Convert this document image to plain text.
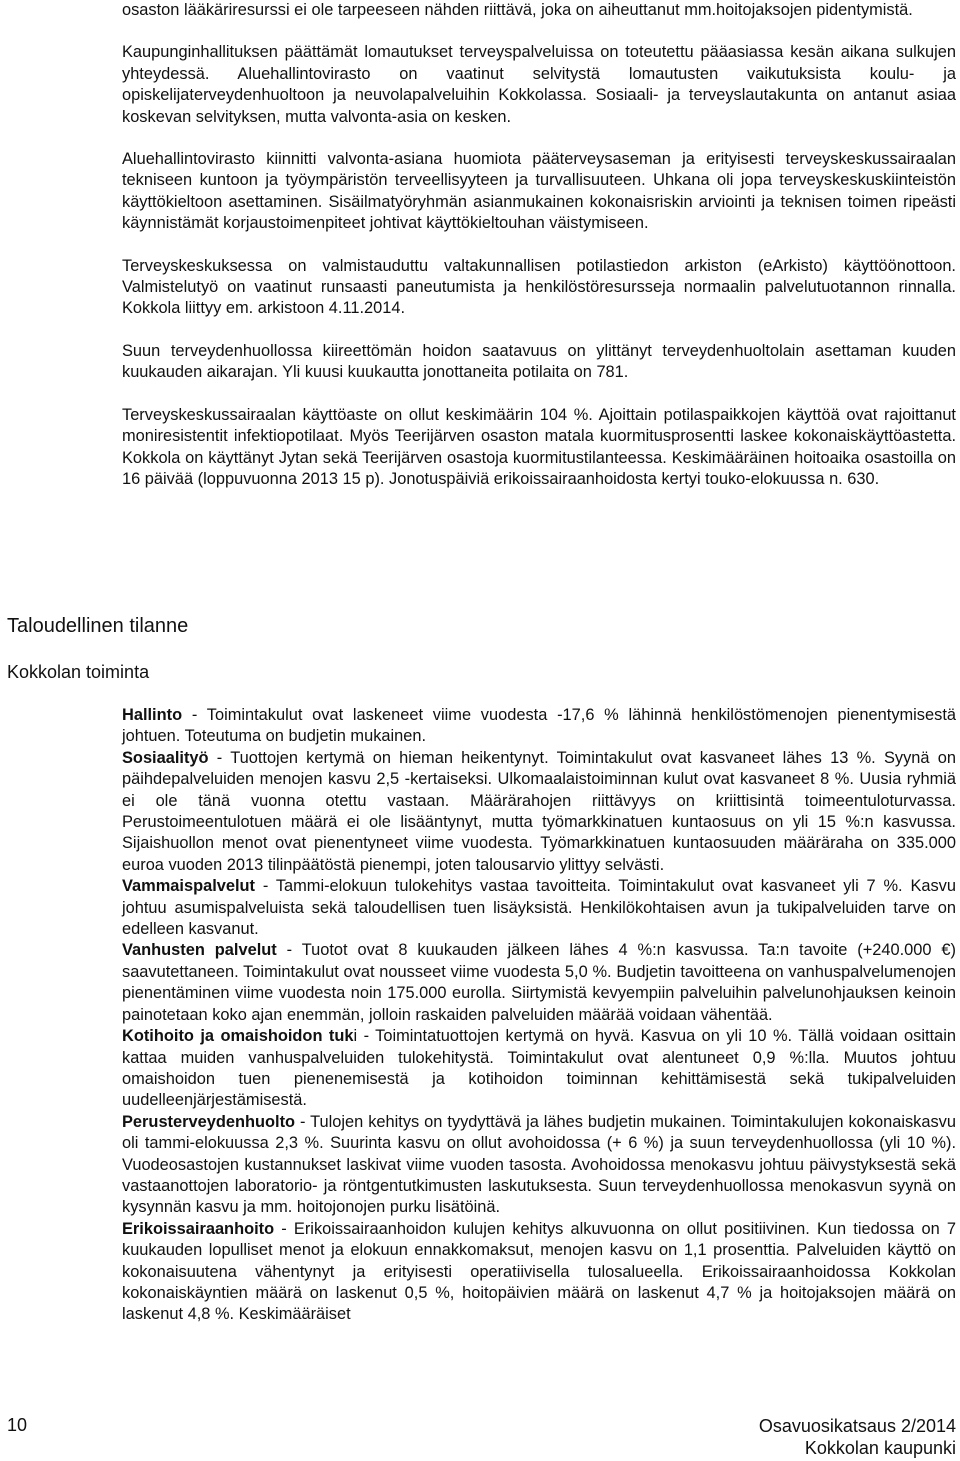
osaston lääkäriresurssi ei ole tarpeeseen nähden riittävä, joka on aiheuttanut mm.hoitojaksojen pidentymistä.

Kaupunginhallituksen päättämät lomautukset terveyspalveluissa on toteutettu pääasiassa kesän aikana sulkujen yhteydessä. Aluehallintovirasto on vaatinut selvitystä lomautusten vaikutuksista koulu- ja opiskelijaterveydenhuoltoon ja neuvolapalveluihin Kokkolassa. Sosiaali- ja terveyslautakunta on antanut asiaa koskevan selvityksen, mutta valvonta-asia on kesken.

Aluehallintovirasto kiinnitti valvonta-asiana huomiota pääterveysaseman ja erityisesti terveyskeskussairaalan tekniseen kuntoon ja työympäristön terveellisyyteen ja turvallisuuteen. Uhkana oli jopa terveyskeskuskiinteistön käyttökieltoon asettaminen. Sisäilmatyöryhmän asianmukainen kokonaisriskin arviointi ja teknisen toimen ripeästi käynnistämät korjaustoimenpiteet johtivat käyttökieltouhan väistymiseen.

Terveyskeskuksessa on valmistauduttu valtakunnallisen potilastiedon arkiston (eArkisto) käyttöönottoon. Valmistelutyö on vaatinut runsaasti paneutumista ja henkilöstöresursseja normaalin palvelutuotannon rinnalla. Kokkola liittyy em. arkistoon 4.11.2014.

Suun terveydenhuollossa kiireettömän hoidon saatavuus on ylittänyt terveydenhuoltolain asettaman kuuden kuukauden aikarajan. Yli kuusi kuukautta jonottaneita potilaita on 781.

Terveyskeskussairaalan käyttöaste on ollut keskimäärin 104 %. Ajoittain potilaspaikkojen käyttöä ovat rajoittanut moniresistentit infektiopotilaat. Myös Teerijärven osaston matala kuormitusprosentti laskee kokonaiskäyttöastetta. Kokkola on käyttänyt Jytan sekä Teerijärven osastoja kuormitustilanteessa. Keskimääräinen hoitoaika osastoilla on 16 päivää (loppuvuonna 2013 15 p). Jonotuspäiviä erikoissairaanhoidosta kertyi touko-elokuussa n. 630.

Taloudellinen tilanne
Kokkolan toiminta

Hallinto - Toimintakulut ovat laskeneet viime vuodesta -17,6 % lähinnä henkilöstömenojen pienentymisestä johtuen. Toteutuma on budjetin mukainen.

Sosiaalityö - Tuottojen kertymä on hieman heikentynyt. Toimintakulut ovat kasvaneet lähes 13 %. Syynä on päihdepalveluiden menojen kasvu 2,5 -kertaiseksi. Ulkomaalaistoiminnan kulut ovat kasvaneet 8 %. Uusia ryhmiä ei ole tänä vuonna otettu vastaan. Määrärahojen riittävyys on kriittisintä toimeentuloturvassa. Perustoimeentulotuen määrä ei ole lisääntynyt, mutta työmarkkinatuen kuntaosuus on yli 15 %:n kasvussa. Sijaishuollon menot ovat pienentyneet viime vuodesta. Työmarkkinatuen kuntaosuuden määräraha on 335.000 euroa vuoden 2013 tilinpäätöstä pienempi, joten talousarvio ylittyy selvästi.

Vammaispalvelut - Tammi-elokuun tulokehitys vastaa tavoitteita. Toimintakulut ovat kasvaneet yli 7 %. Kasvu johtuu asumispalveluista sekä taloudellisen tuen lisäyksistä. Henkilökohtaisen avun ja tukipalveluiden tarve on edelleen kasvanut.

Vanhusten palvelut - Tuotot ovat 8 kuukauden jälkeen lähes 4 %:n kasvussa. Ta:n tavoite (+240.000 €) saavutettaneen. Toimintakulut ovat nousseet viime vuodesta 5,0 %. Budjetin tavoitteena on vanhuspalvelumenojen pienentäminen viime vuodesta noin 175.000 eurolla. Siirtymistä kevyempiin palveluihin palvelunohjauksen keinoin painotetaan koko ajan enemmän, jolloin raskaiden palveluiden määrää voidaan vähentää.

Kotihoito ja omaishoidon tuki - Toimintatuottojen kertymä on hyvä. Kasvua on yli 10 %. Tällä voidaan osittain kattaa muiden vanhuspalveluiden tulokehitystä. Toimintakulut ovat alentuneet 0,9 %:lla. Muutos johtuu omaishoidon tuen pienenemisestä ja kotihoidon toiminnan kehittämisestä sekä tukipalveluiden uudelleenjärjestämisestä.

Perusterveydenhuolto - Tulojen kehitys on tyydyttävä ja lähes budjetin mukainen. Toimintakulujen kokonaiskasvu oli tammi-elokuussa 2,3 %. Suurinta kasvu on ollut avohoidossa (+ 6 %) ja suun terveydenhuollossa (yli 10 %). Vuodeosastojen kustannukset laskivat viime vuoden tasosta. Avohoidossa menokasvu johtuu päivystyksestä sekä vastaanottojen laboratorio- ja röntgentutkimusten laskutuksesta. Suun terveydenhuollossa menokasvun syynä on kysynnän kasvu ja mm. hoitojonojen purku lisätöinä.

Erikoissairaanhoito - Erikoissairaanhoidon kulujen kehitys alkuvuonna on ollut positiivinen. Kun tiedossa on 7 kuukauden lopulliset menot ja elokuun ennakkomaksut, menojen kasvu on 1,1 prosenttia. Palveluiden käyttö on kokonaisuutena vähentynyt ja erityisesti operatiivisella tulosalueella. Erikoissairaanhoidossa Kokkolan kokonaiskäyntien määrä on laskenut 0,5 %, hoitopäivien määrä on laskenut 4,7 % ja hoitojaksojen määrä on laskenut 4,8 %. Keskimääräiset

10	Osavuosikatsaus 2/2014
Kokkolan kaupunki
